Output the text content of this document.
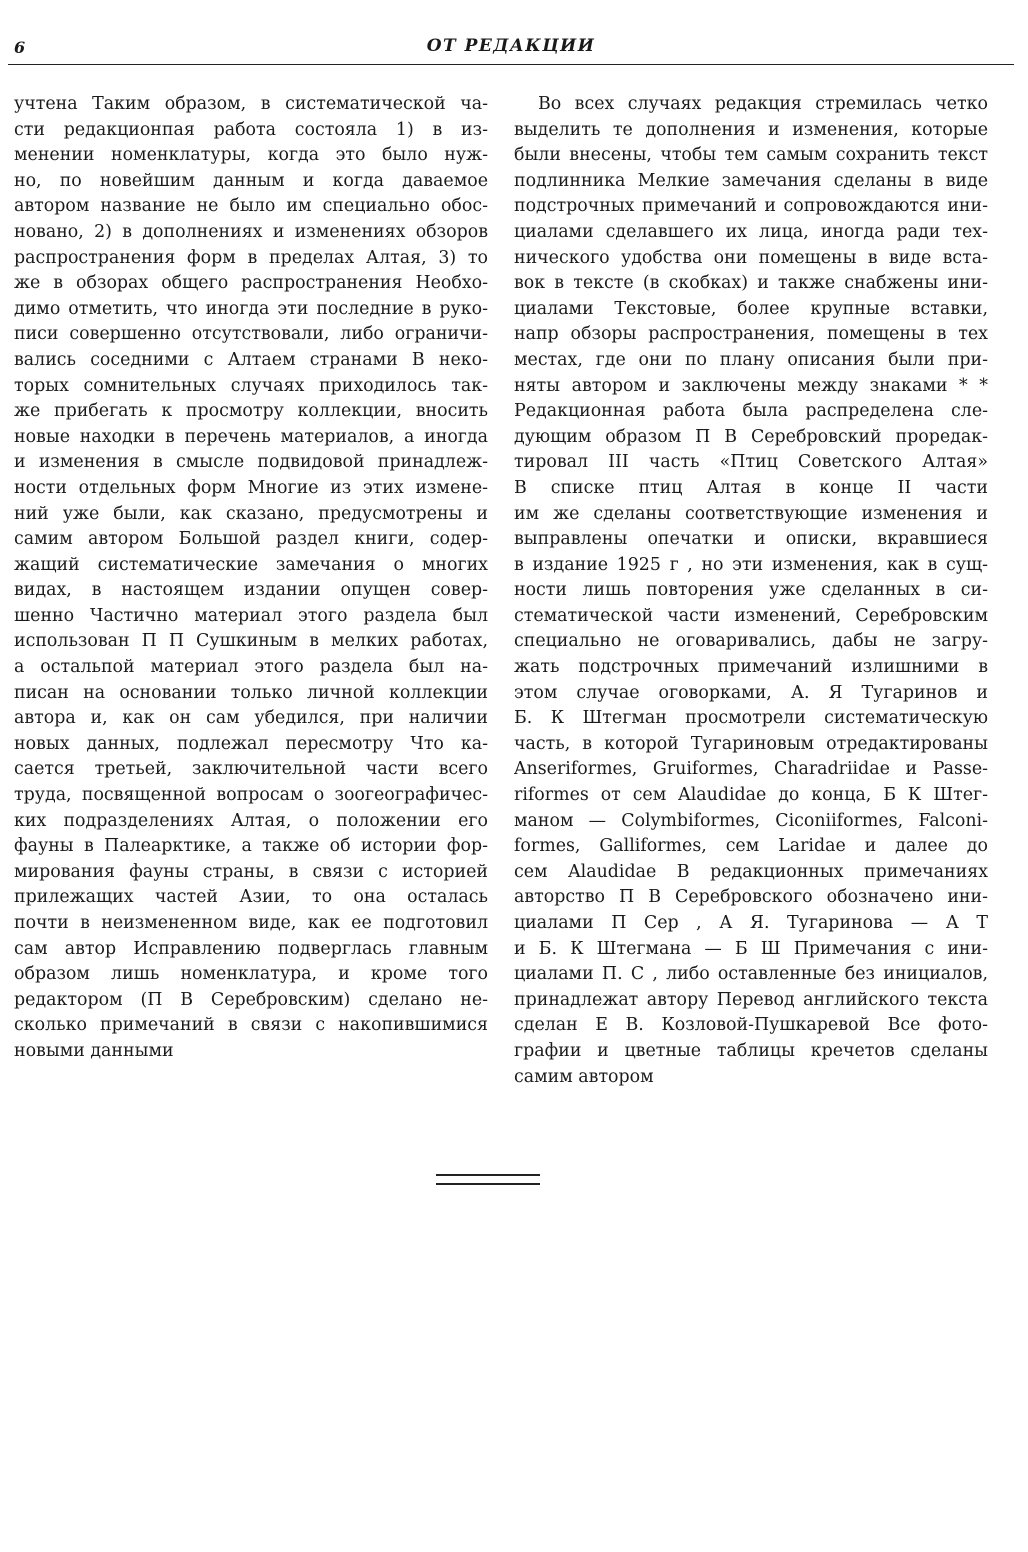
6	ОТ РЕДАКЦИИ
учтена Таким образом, в систематической ча-
сти редакционпая работа состояла 1) в из-
менении номенклатуры, когда это было нуж-
но, по новейшим данным и когда даваемое
автором название не было им специально обос-
новано, 2) в дополнениях и изменениях обзоров
распространения форм в пределах Алтая, 3) то
же в обзорах общего распространения Необхо-
димо отметить, что иногда эти последние в руко-
писи совершенно отсутствовали, либо ограничи-
вались соседними с Алтаем странами В неко-
торых сомнительных случаях приходилось так-
же прибегать к просмотру коллекции, вносить
новые находки в перечень материалов, а иногда
и изменения в смысле подвидовой принадлеж-
ности отдельных форм Многие из этих измене-
ний уже были, как сказано, предусмотрены и
самим автором Большой раздел книги, содер-
жащий систематические замечания о многих
видах, в настоящем издании опущен совер-
шенно Частично материал этого раздела был
использован П П Сушкиным в мелких работах,
а остальпой материал этого раздела был на-
писан на основании только личной коллекции
автора и, как он сам убедился, при наличии
новых данных, подлежал пересмотру Что ка-
сается третьей, заключительной части всего
труда, посвященной вопросам о зоогеографичес-
ких подразделениях Алтая, о положении его
фауны в Палеарктике, а также об истории фор-
мирования фауны страны, в связи с историей
прилежащих частей Азии, то она осталась
почти в неизмененном виде, как ее подготовил
сам автор Исправлению подверглась главным
образом лишь номенклатура, и кроме того
редактором (П В Серебровским) сделано не-
сколько примечаний в связи с накопившимися
новыми данными
Во всех случаях редакция стремилась четко
выделить те дополнения и изменения, которые
были внесены, чтобы тем самым сохранить текст
подлинника Мелкие замечания сделаны в виде
подстрочных примечаний и сопровождаются ини-
циалами сделавшего их лица, иногда ради тех-
нического удобства они помещены в виде вста-
вок в тексте (в скобках) и также снабжены ини-
циалами Текстовые, более крупные вставки,
напр обзоры распространения, помещены в тех
местах, где они по плану описания были при-
няты автором и заключены между знаками * *
Редакционная работа была распределена сле-
дующим образом П В Серебровский проредак-
тировал III часть «Птиц Советского Алтая»
В списке птиц Алтая в конце II части
им же сделаны соответствующие изменения и
выправлены опечатки и описки, вкравшиеся
в издание 1925 г , но эти изменения, как в сущ-
ности лишь повторения уже сделанных в си-
стематической части изменений, Серебровским
специально не оговаривались, дабы не загру-
жать подстрочных примечаний излишними в
этом случае оговорками, А. Я Тугаринов и
Б. К Штегман просмотрели систематическую
часть, в которой Тугариновым отредактированы
Anseriformes, Gruiformes, Charadriidae и Passe-
riformes от сем Alaudidae до конца, Б К Штег-
маном — Colymbiformes, Ciconiiformes, Falconi-
formes, Galliformes, сем Laridae и далее до
сем Alaudidae В редакционных примечаниях
авторство П В Серебровского обозначено ини-
циалами П Сер , А Я. Тугаринова — А Т
и Б. К Штегмана — Б Ш Примечания с ини-
циалами П. С , либо оставленные без инициалов,
принадлежат автору Перевод английского текста
сделан Е В. Козловой-Пушкаревой Все фото-
графии и цветные таблицы кречетов сделаны
самим автором
